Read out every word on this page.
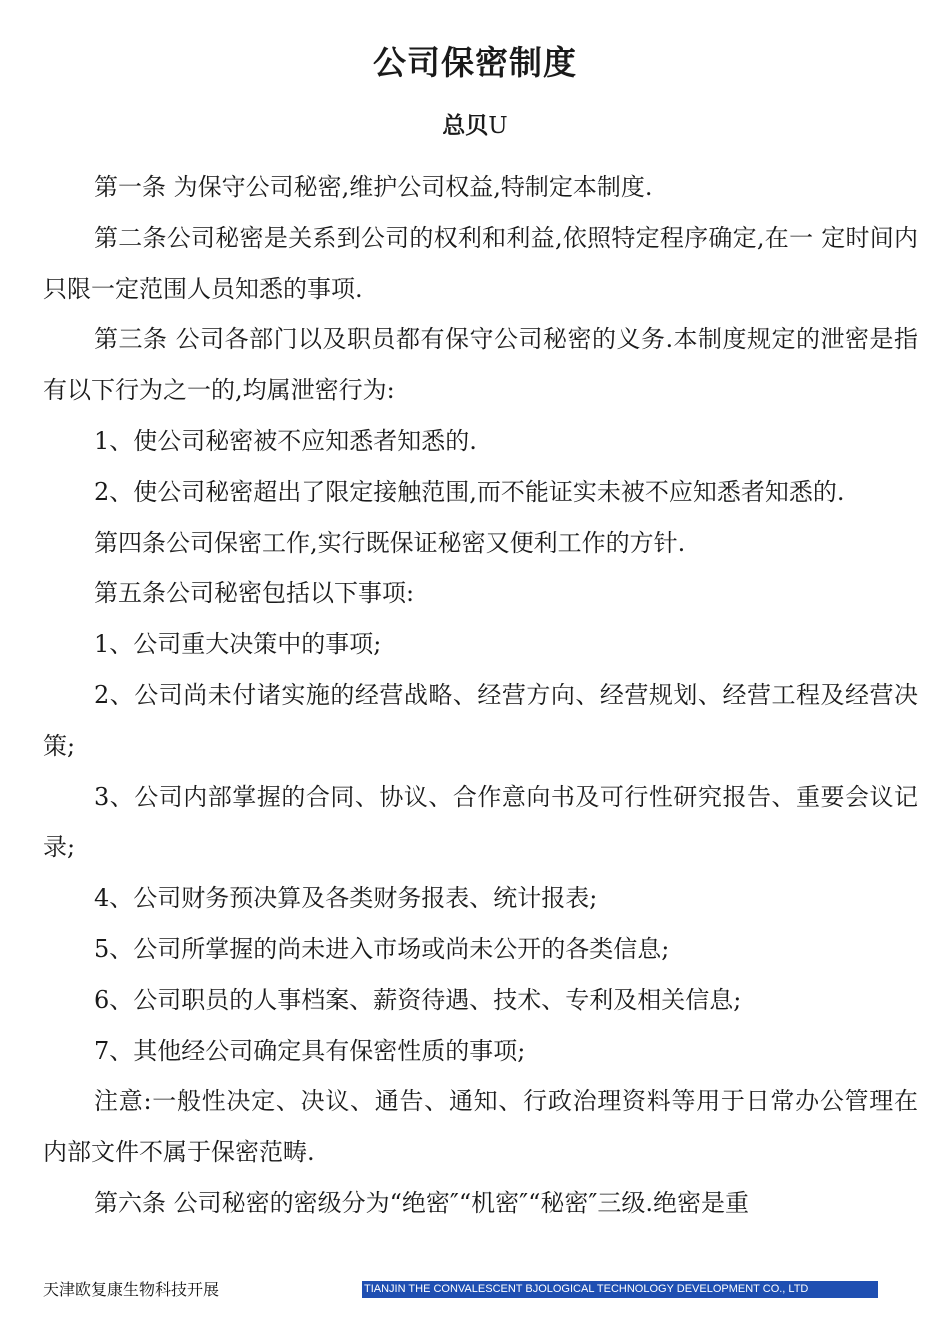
公司保密制度
总贝U

第一条 为保守公司秘密,维护公司权益,特制定本制度.

第二条公司秘密是关系到公司的权利和利益,依照特定程序确定,在一 定时间内只限一定范围人员知悉的事项.

第三条 公司各部门以及职员都有保守公司秘密的义务.本制度规定的泄密是指有以下行为之一的,均属泄密行为:

1、使公司秘密被不应知悉者知悉的.

2、使公司秘密超出了限定接触范围,而不能证实未被不应知悉者知悉的.

第四条公司保密工作,实行既保证秘密又便利工作的方针.

第五条公司秘密包括以下事项:

1、公司重大决策中的事项;

2、公司尚未付诸实施的经营战略、经营方向、经营规划、经营工程及经营决策;

3、公司内部掌握的合同、协议、合作意向书及可行性研究报告、重要会议记录;

4、公司财务预决算及各类财务报表、统计报表;

5、公司所掌握的尚未进入市场或尚未公开的各类信息;

6、公司职员的人事档案、薪资待遇、技术、专利及相关信息;

7、其他经公司确定具有保密性质的事项;

注意:一般性决定、决议、通告、通知、行政治理资料等用于日常办公管理在内部文件不属于保密范畴.

第六条 公司秘密的密级分为“绝密″“机密″“秘密″三级.绝密是重

天津欧复康生物科技开展	TIANJIN THE CONVALESCENT BJOLOGICAL TECHNOLOGY DEVELOPMENT CO., LTD
